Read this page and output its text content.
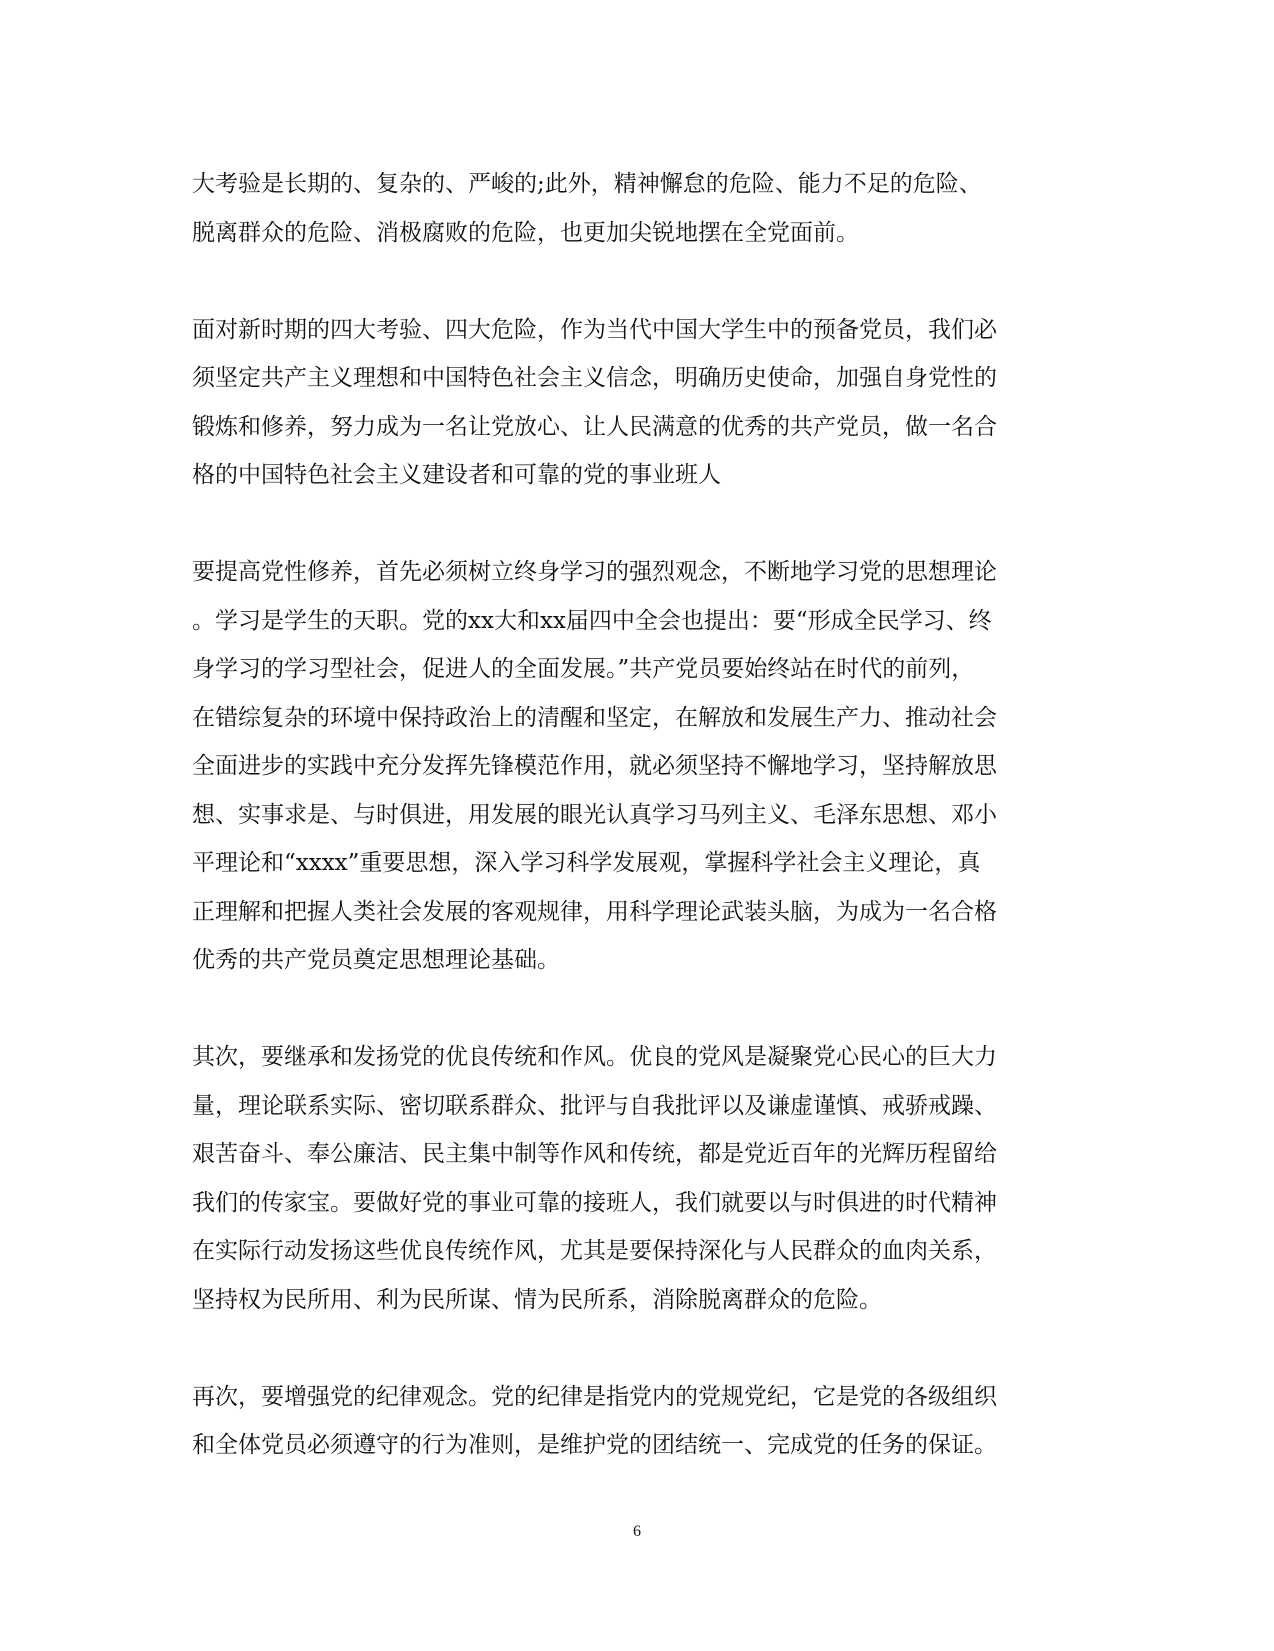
大考验是长期的、复杂的、严峻的;此外，精神懈怠的危险、能力不足的危险、
脱离群众的危险、消极腐败的危险，也更加尖锐地摆在全党面前。

面对新时期的四大考验、四大危险，作为当代中国大学生中的预备党员，我们必
须坚定共产主义理想和中国特色社会主义信念，明确历史使命，加强自身党性的
锻炼和修养，努力成为一名让党放心、让人民满意的优秀的共产党员，做一名合
格的中国特色社会主义建设者和可靠的党的事业班人

要提高党性修养，首先必须树立终身学习的强烈观念，不断地学习党的思想理论
。学习是学生的天职。党的xx大和xx届四中全会也提出：要“形成全民学习、终
身学习的学习型社会，促进人的全面发展。”共产党员要始终站在时代的前列，
在错综复杂的环境中保持政治上的清醒和坚定，在解放和发展生产力、推动社会
全面进步的实践中充分发挥先锋模范作用，就必须坚持不懈地学习，坚持解放思
想、实事求是、与时俱进，用发展的眼光认真学习马列主义、毛泽东思想、邓小
平理论和“xxxx”重要思想，深入学习科学发展观，掌握科学社会主义理论，真
正理解和把握人类社会发展的客观规律，用科学理论武装头脑，为成为一名合格
优秀的共产党员奠定思想理论基础。

其次，要继承和发扬党的优良传统和作风。优良的党风是凝聚党心民心的巨大力
量，理论联系实际、密切联系群众、批评与自我批评以及谦虚谨慎、戒骄戒躁、
艰苦奋斗、奉公廉洁、民主集中制等作风和传统，都是党近百年的光辉历程留给
我们的传家宝。要做好党的事业可靠的接班人，我们就要以与时俱进的时代精神
在实际行动发扬这些优良传统作风，尤其是要保持深化与人民群众的血肉关系，
坚持权为民所用、利为民所谋、情为民所系，消除脱离群众的危险。

再次，要增强党的纪律观念。党的纪律是指党内的党规党纪，它是党的各级组织
和全体党员必须遵守的行为准则，是维护党的团结统一、完成党的任务的保证。

6
